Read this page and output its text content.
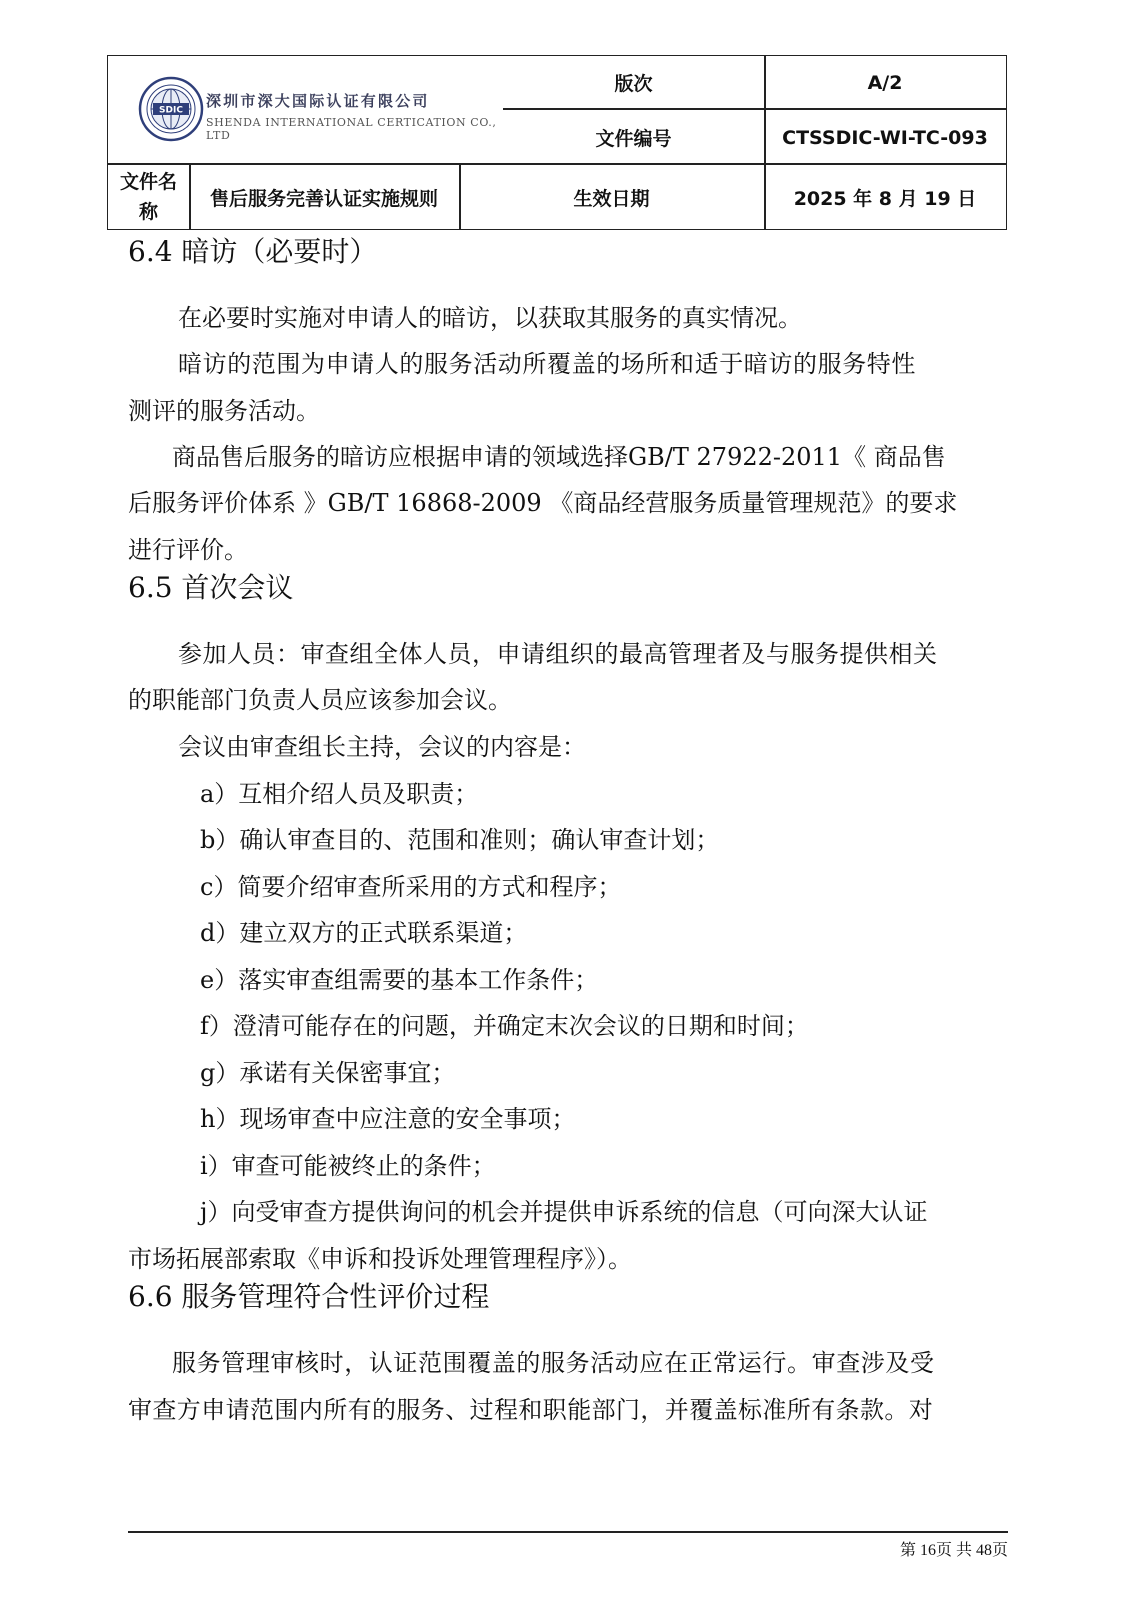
SDIC
深圳市深大国际认证有限公司
SHENDA INTERNATIONAL CERTICATION CO., LTD
版次	A/2
文件编号	CTSSDIC-WI-TC-093
文件名
称
售后服务完善认证实施规则	生效日期	2025 年 8 月 19 日
6.4 暗访（必要时）
在必要时实施对申请人的暗访，以获取其服务的真实情况。
暗访的范围为申请人的服务活动所覆盖的场所和适于暗访的服务特性
测评的服务活动。
商品售后服务的暗访应根据申请的领域选择GB/T 27922-2011《 商品售
后服务评价体系 》GB/T 16868-2009 《商品经营服务质量管理规范》的要求
进行评价。
6.5 首次会议
参加人员：审查组全体人员，申请组织的最高管理者及与服务提供相关
的职能部门负责人员应该参加会议。
会议由审查组长主持，会议的内容是：
a）互相介绍人员及职责；
b）确认审查目的、范围和准则；确认审查计划；
c）简要介绍审查所采用的方式和程序；
d）建立双方的正式联系渠道；
e）落实审查组需要的基本工作条件；
f）澄清可能存在的问题，并确定末次会议的日期和时间；
g）承诺有关保密事宜；
h）现场审查中应注意的安全事项；
i）审查可能被终止的条件；
j）向受审查方提供询问的机会并提供申诉系统的信息（可向深大认证
市场拓展部索取《申诉和投诉处理管理程序》）。
6.6 服务管理符合性评价过程
服务管理审核时，认证范围覆盖的服务活动应在正常运行。审查涉及受
审查方申请范围内所有的服务、过程和职能部门，并覆盖标准所有条款。对
第 16页 共 48页
